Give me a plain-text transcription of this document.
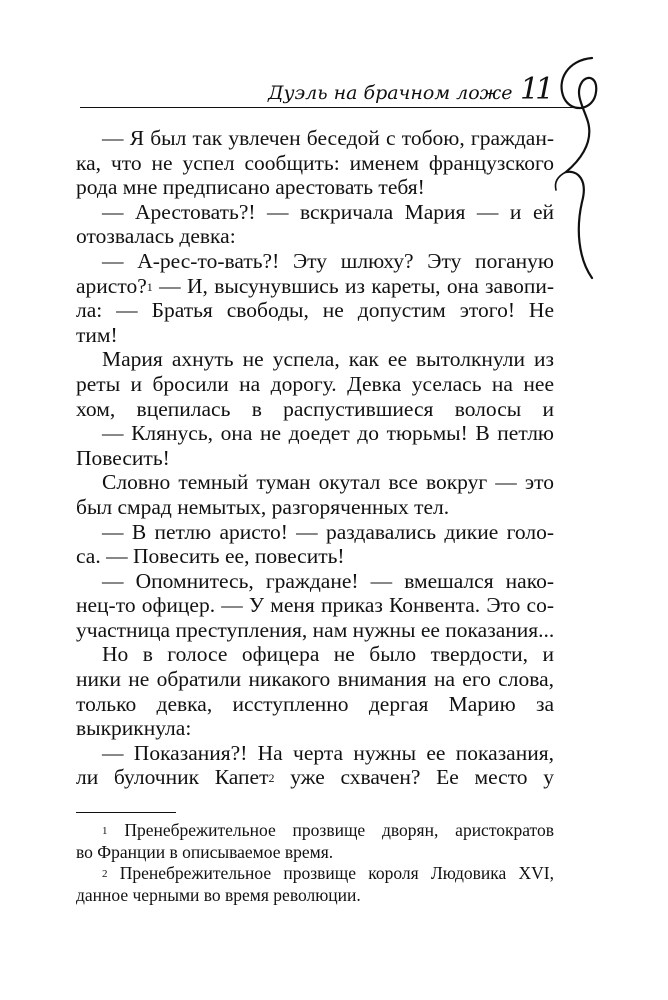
Дуэль на брачном ложе 11
— Я был так увлечен беседой с тобою, граждан-
ка, что не успел сообщить: именем французского
рода мне предписано арестовать тебя!
— Арестовать?! — вскричала Мария — и ей
отозвалась девка:
— А-рес-то-вать?! Эту шлюху? Эту поганую
аристо?$^1$ — И, высунувшись из кареты, она завопи-
ла: — Братья свободы, не допустим этого! Не
тим!
Мария ахнуть не успела, как ее вытолкнули из
реты и бросили на дорогу. Девка уселась на нее
хом, вцепилась в распустившиеся волосы и
— Клянусь, она не доедет до тюрьмы! В петлю
Повесить!
Словно темный туман окутал все вокруг — это
был смрад немытых, разгоряченных тел.
— В петлю аристо! — раздавались дикие голо-
са. — Повесить ее, повесить!
— Опомнитесь, граждане! — вмешался нако-
нец-то офицер. — У меня приказ Конвента. Это со-
участница преступления, нам нужны ее показания...
Но в голосе офицера не было твердости, и
ники не обратили никакого внимания на его слова,
только девка, исступленно дергая Марию за
выкрикнула:
— Показания?! На черта нужны ее показания,
ли булочник Капет$^2$ уже схвачен? Ее место у
$^1$ Пренебрежительное прозвище дворян, аристократов
во Франции в описываемое время.
$^2$ Пренебрежительное прозвище короля Людовика XVI,
данное черными во время революции.
